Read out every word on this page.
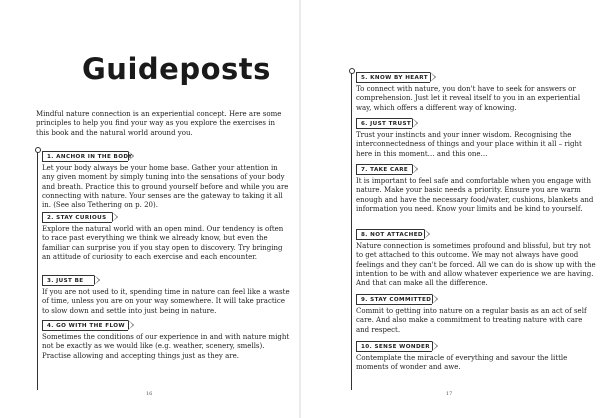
Guideposts

Mindful nature connection is an experiential concept. Here are some principles to help you find your way as you explore the exercises in this book and the natural world around you.

1. ANCHOR IN THE BODY

Let your body always be your home base. Gather your attention in any given moment by simply tuning into the sensations of your body and breath. Practice this to ground yourself before and while you are connecting with nature. Your senses are the gateway to taking it all in. (See also Tethering on p. 20).

2. STAY CURIOUS

Explore the natural world with an open mind. Our tendency is often to race past everything we think we already know, but even the familiar can surprise you if you stay open to discovery. Try bringing an attitude of curiosity to each exercise and each encounter.

3. JUST BE

If you are not used to it, spending time in nature can feel like a waste of time, unless you are on your way somewhere. It will take practice to slow down and settle into just being in nature.

4. GO WITH THE FLOW

Sometimes the conditions of our experience in and with nature might not be exactly as we would like (e.g. weather, scenery, smells). Practise allowing and accepting things just as they are.

16
5. KNOW BY HEART

To connect with nature, you don't have to seek for answers or comprehension. Just let it reveal itself to you in an experiential way, which offers a different way of knowing.

6. JUST TRUST

Trust your instincts and your inner wisdom. Recognising the interconnectedness of things and your place within it all – right here in this moment… and this one…

7. TAKE CARE

It is important to feel safe and comfortable when you engage with nature. Make your basic needs a priority. Ensure you are warm enough and have the necessary food/water, cushions, blankets and information you need. Know your limits and be kind to yourself.

8. NOT ATTACHED

Nature connection is sometimes profound and blissful, but try not to get attached to this outcome. We may not always have good feelings and they can't be forced. All we can do is show up with the intention to be with and allow whatever experience we are having. And that can make all the difference.

9. STAY COMMITTED

Commit to getting into nature on a regular basis as an act of self care. And also make a commitment to treating nature with care and respect.

10. SENSE WONDER

Contemplate the miracle of everything and savour the little moments of wonder and awe.

17
